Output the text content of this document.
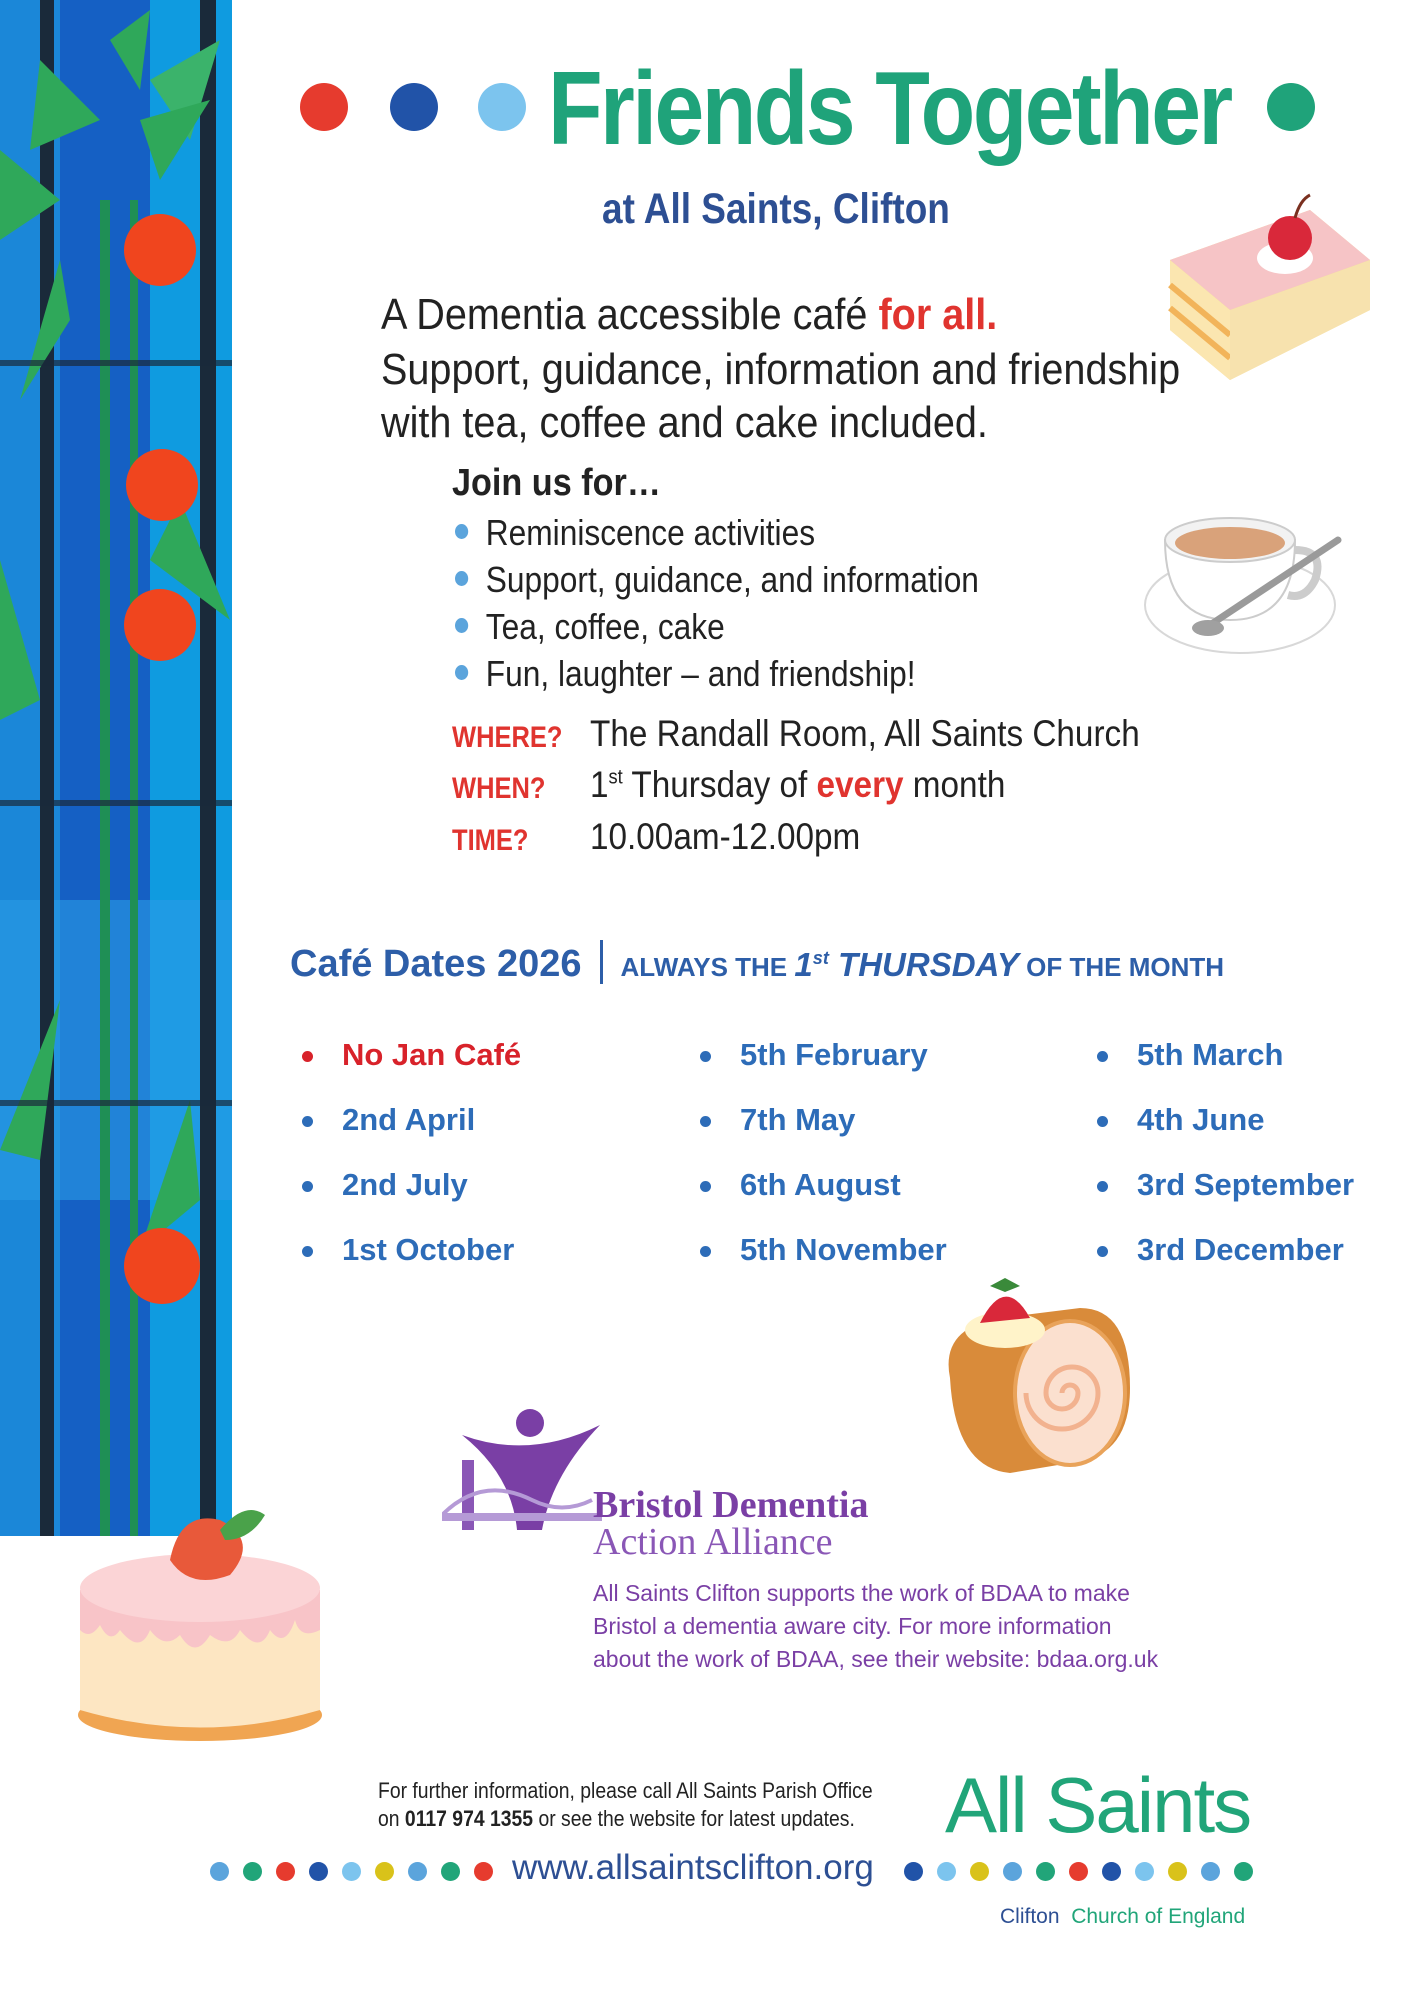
Friends Together
at All Saints, Clifton
A Dementia accessible café for all.
Support, guidance, information and friendship
with tea, coffee and cake included.
Join us for…
Reminiscence activities
Support, guidance, and information
Tea, coffee, cake
Fun, laughter – and friendship!
WHERE? The Randall Room, All Saints Church
WHEN? 1st Thursday of every month
TIME? 10.00am-12.00pm
Café Dates 2026 ALWAYS THE 1st THURSDAY OF THE MONTH
No Jan Café	5th February	5th March
2nd April	7th May	4th June
2nd July	6th August	3rd September
1st October	5th November	3rd December
Bristol Dementia
Action Alliance
All Saints Clifton supports the work of BDAA to make
Bristol a dementia aware city. For more information
about the work of BDAA, see their website: bdaa.org.uk
For further information, please call All Saints Parish Office
on 0117 974 1355 or see the website for latest updates. All Saints
www.allsaintsclifton.org
Clifton Church of England
